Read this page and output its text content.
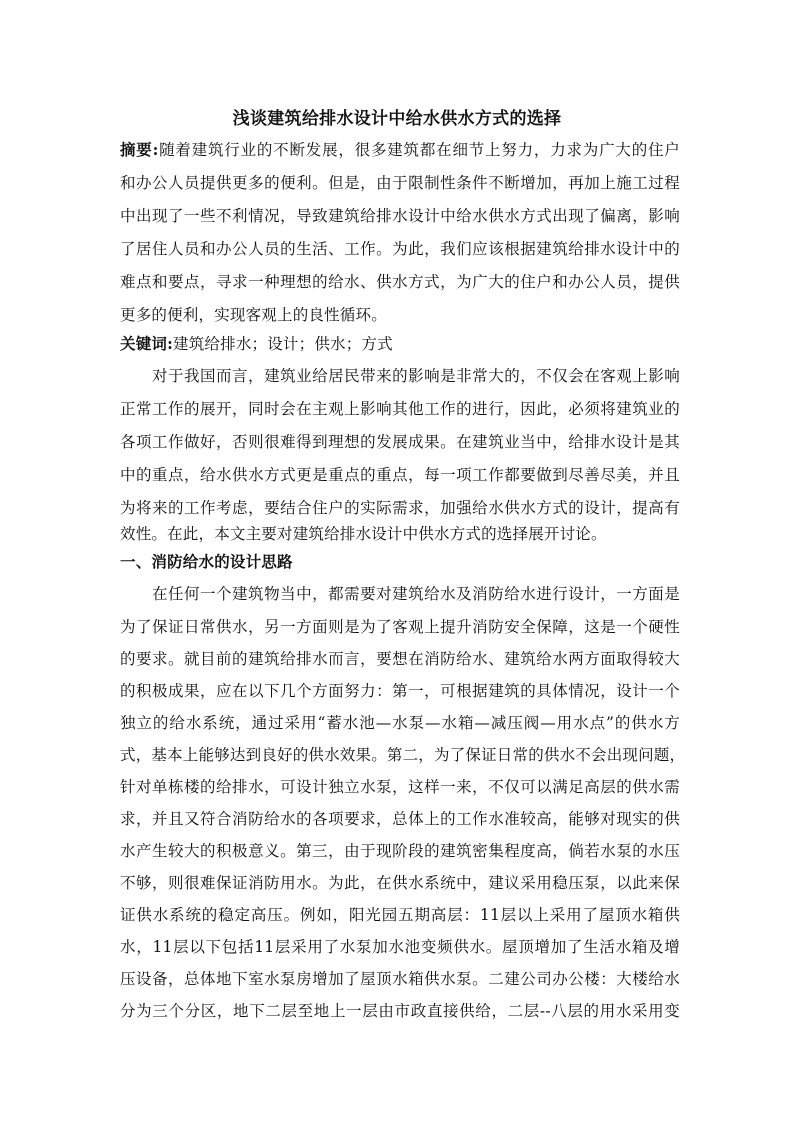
浅谈建筑给排水设计中给水供水方式的选择
摘要:随着建筑行业的不断发展，很多建筑都在细节上努力，力求为广大的住户
和办公人员提供更多的便利。但是，由于限制性条件不断增加，再加上施工过程
中出现了一些不利情况，导致建筑给排水设计中给水供水方式出现了偏离，影响
了居住人员和办公人员的生活、工作。为此，我们应该根据建筑给排水设计中的
难点和要点，寻求一种理想的给水、供水方式，为广大的住户和办公人员，提供
更多的便利，实现客观上的良性循环。
关键词:建筑给排水；设计；供水；方式
对于我国而言，建筑业给居民带来的影响是非常大的，不仅会在客观上影响
正常工作的展开，同时会在主观上影响其他工作的进行，因此，必须将建筑业的
各项工作做好，否则很难得到理想的发展成果。在建筑业当中，给排水设计是其
中的重点，给水供水方式更是重点的重点，每一项工作都要做到尽善尽美，并且
为将来的工作考虑，要结合住户的实际需求，加强给水供水方式的设计，提高有
效性。在此，本文主要对建筑给排水设计中供水方式的选择展开讨论。
一、消防给水的设计思路
在任何一个建筑物当中，都需要对建筑给水及消防给水进行设计，一方面是
为了保证日常供水，另一方面则是为了客观上提升消防安全保障，这是一个硬性
的要求。就目前的建筑给排水而言，要想在消防给水、建筑给水两方面取得较大
的积极成果，应在以下几个方面努力：第一，可根据建筑的具体情况，设计一个
独立的给水系统，通过采用“蓄水池—水泵—水箱—减压阀—用水点”的供水方
式，基本上能够达到良好的供水效果。第二，为了保证日常的供水不会出现问题，
针对单栋楼的给排水，可设计独立水泵，这样一来，不仅可以满足高层的供水需
求，并且又符合消防给水的各项要求，总体上的工作水准较高，能够对现实的供
水产生较大的积极意义。第三，由于现阶段的建筑密集程度高，倘若水泵的水压
不够，则很难保证消防用水。为此，在供水系统中，建议采用稳压泵，以此来保
证供水系统的稳定高压。例如，阳光园五期高层：11层以上采用了屋顶水箱供
水，11层以下包括11层采用了水泵加水池变频供水。屋顶增加了生活水箱及增
压设备，总体地下室水泵房增加了屋顶水箱供水泵。二建公司办公楼：大楼给水
分为三个分区，地下二层至地上一层由市政直接供给，二层--八层的用水采用变
